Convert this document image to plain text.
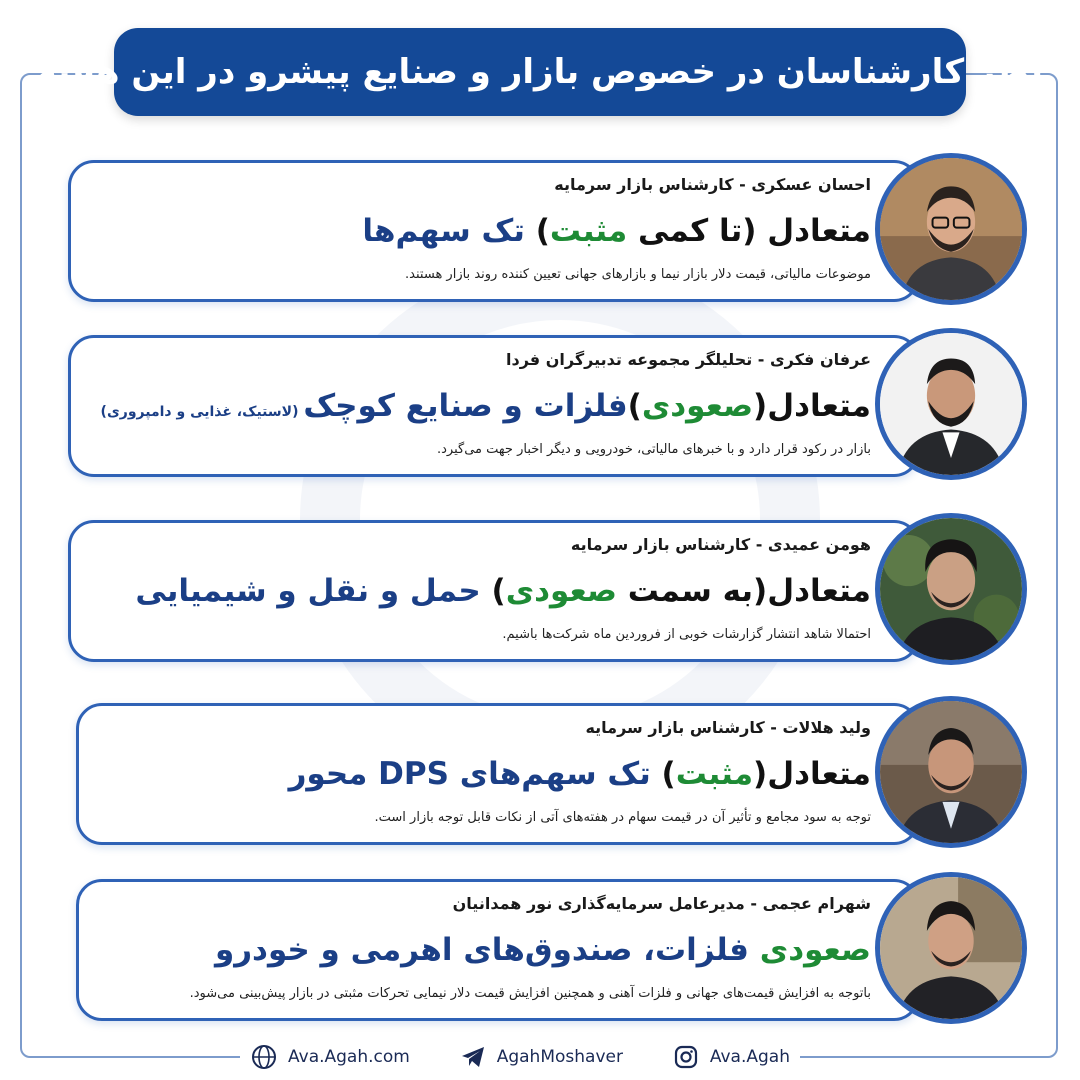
نظر کارشناسان در خصوص بازار و صنایع پیشرو در این هفته
احسان عسکری - کارشناس بازار سرمایه
متعادل (تا کمی مثبت) تک سهم‌ها
موضوعات مالیاتی، قیمت دلار بازار نیما و بازارهای جهانی تعیین کننده روند بازار هستند.
عرفان فکری - تحلیلگر مجموعه تدبیرگران فردا
متعادل(صعودی)فلزات و صنایع کوچک (لاستیک، غذایی و دامپروری)
بازار در رکود قرار دارد و با خبرهای مالیاتی، خودرویی و دیگر اخبار جهت می‌گیرد.
هومن عمیدی - کارشناس بازار سرمایه
متعادل(به سمت صعودی) حمل و نقل و شیمیایی
احتمالا شاهد انتشار گزارشات خوبی از فروردین ماه شرکت‌ها باشیم.
ولید هلالات - کارشناس بازار سرمایه
متعادل(مثبت) تک سهم‌های DPS محور
توجه به سود مجامع و تأثیر آن در قیمت سهام در هفته‌های آتی از نکات قابل توجه بازار است.
شهرام عجمی - مدیرعامل سرمایه‌گذاری نور همدانیان
صعودی فلزات، صندوق‌های اهرمی و خودرو
باتوجه به افزایش قیمت‌های جهانی و فلزات آهنی و همچنین افزایش قیمت دلار نیمایی تحرکات مثبتی در بازار پیش‌بینی می‌شود.
Ava.Agah.com	AgahMoshaver	Ava.Agah
